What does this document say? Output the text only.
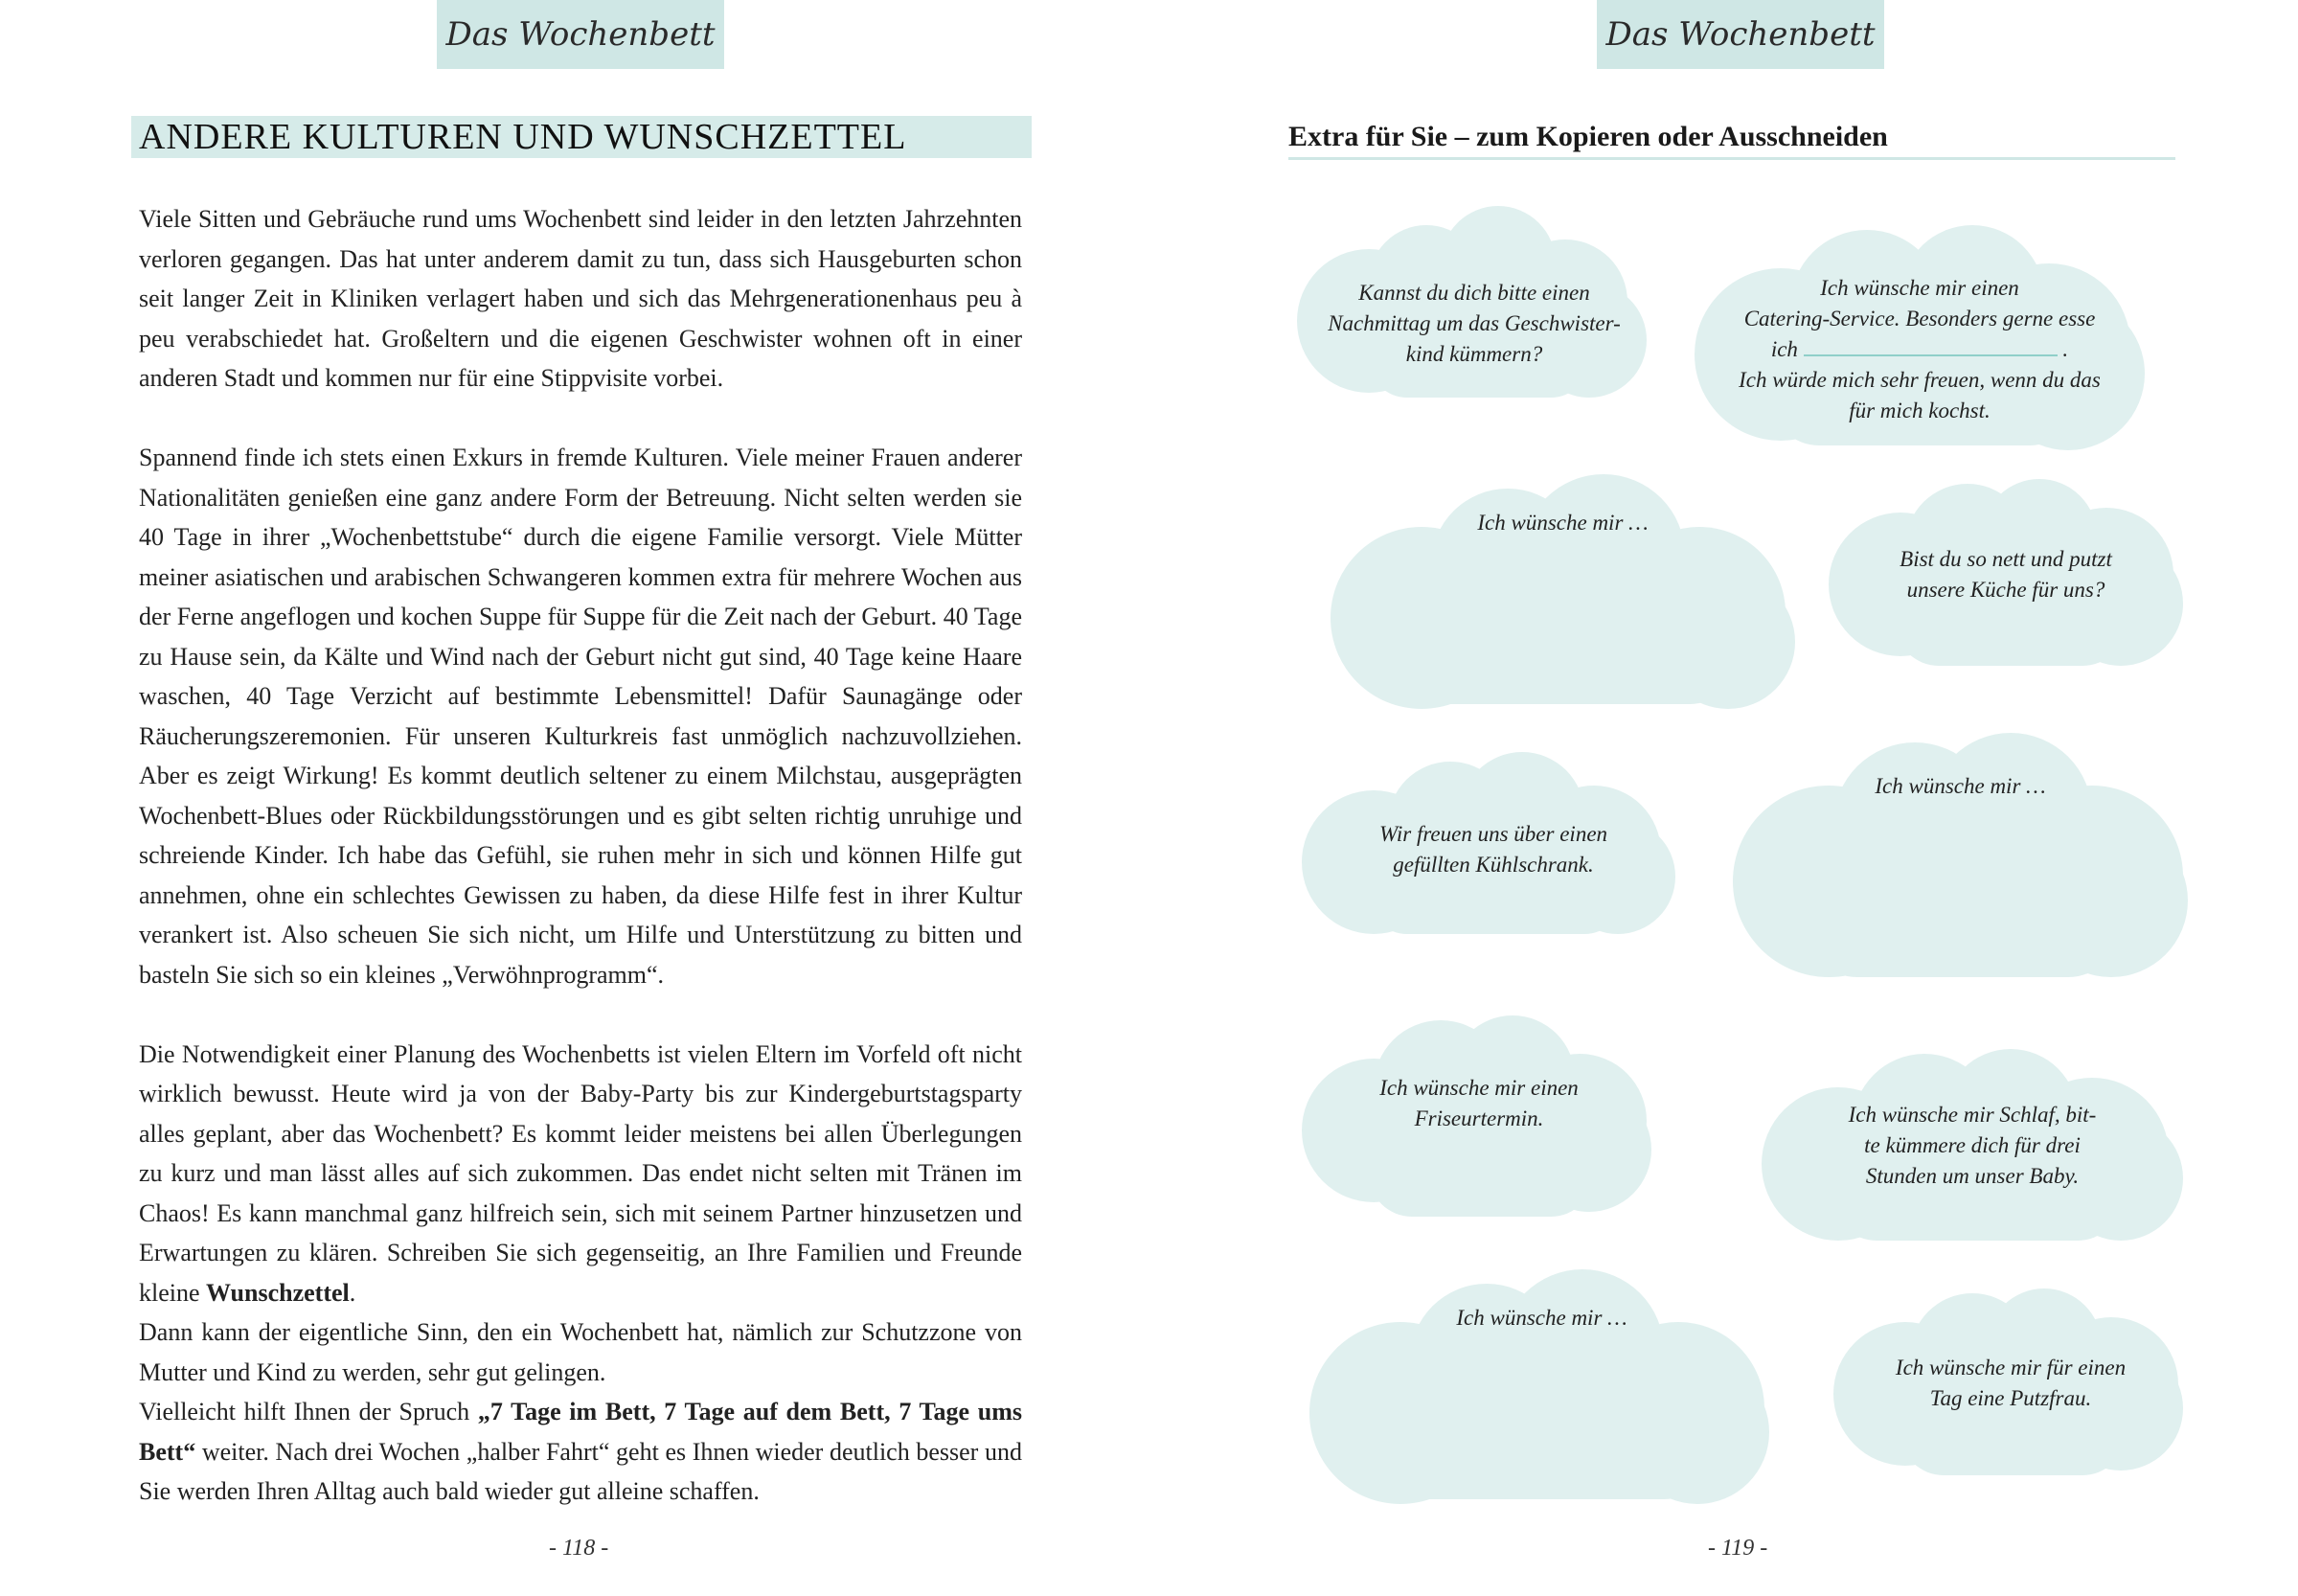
Das Wochenbett
ANDERE KULTUREN UND WUNSCHZETTEL

Viele Sitten und Gebräuche rund ums Wochenbett sind leider in den letzten Jahrzehnten verloren gegangen. Das hat unter anderem damit zu tun, dass sich Hausgeburten schon seit langer Zeit in Kliniken verlagert haben und sich das Mehrgenerationenhaus peu à peu verabschiedet hat. Großeltern und die eigenen Geschwister wohnen oft in einer anderen Stadt und kommen nur für eine Stippvisite vorbei.

Spannend finde ich stets einen Exkurs in fremde Kulturen. Viele meiner Frauen anderer Nationalitäten genießen eine ganz andere Form der Betreuung. Nicht selten werden sie 40 Tage in ihrer „Wochenbettstube“ durch die eigene Familie versorgt. Viele Mütter meiner asiatischen und arabischen Schwangeren kommen extra für mehrere Wochen aus der Ferne angeflogen und kochen Suppe für Suppe für die Zeit nach der Geburt. 40 Tage zu Hause sein, da Kälte und Wind nach der Geburt nicht gut sind, 40 Tage keine Haare waschen, 40 Tage Verzicht auf bestimmte Lebensmittel! Dafür Saunagänge oder Räucherungszeremonien. Für unseren Kulturkreis fast unmöglich nachzuvollziehen. Aber es zeigt Wirkung! Es kommt deutlich seltener zu einem Milchstau, ausgeprägten Wochenbett-Blues oder Rückbildungsstörungen und es gibt selten richtig unruhige und schreiende Kinder. Ich habe das Gefühl, sie ruhen mehr in sich und können Hilfe gut annehmen, ohne ein schlechtes Gewissen zu haben, da diese Hilfe fest in ihrer Kultur verankert ist. Also scheuen Sie sich nicht, um Hilfe und Unterstützung zu bitten und basteln Sie sich so ein kleines „Verwöhnprogramm“.

Die Notwendigkeit einer Planung des Wochenbetts ist vielen Eltern im Vorfeld oft nicht wirklich bewusst. Heute wird ja von der Baby-Party bis zur Kindergeburtstagsparty alles geplant, aber das Wochenbett? Es kommt leider meistens bei allen Überlegungen zu kurz und man lässt alles auf sich zukommen. Das endet nicht selten mit Tränen im Chaos! Es kann manchmal ganz hilfreich sein, sich mit seinem Partner hinzusetzen und Erwartungen zu klären. Schreiben Sie sich gegenseitig, an Ihre Familien und Freunde kleine Wunschzettel.

Dann kann der eigentliche Sinn, den ein Wochenbett hat, nämlich zur Schutzzone von Mutter und Kind zu werden, sehr gut gelingen.

Vielleicht hilft Ihnen der Spruch „7 Tage im Bett, 7 Tage auf dem Bett, 7 Tage ums Bett“ weiter. Nach drei Wochen „halber Fahrt“ geht es Ihnen wieder deutlich besser und Sie werden Ihren Alltag auch bald wieder gut alleine schaffen.

- 118 -
Das Wochenbett
Extra für Sie – zum Kopieren oder Ausschneiden
Kannst du dich bitte einen
Nachmittag um das Geschwister-
kind kümmern?
Ich wünsche mir einen
Catering-Service. Besonders gerne esse
ich	.
Ich würde mich sehr freuen, wenn du das
für mich kochst.
Ich wünsche mir …
Bist du so nett und putzt
unsere Küche für uns?
Wir freuen uns über einen
gefüllten Kühlschrank.
Ich wünsche mir …
Ich wünsche mir einen
Friseurtermin.	Ich wünsche mir Schlaf, bit-
te kümmere dich für drei
Stunden um unser Baby.
Ich wünsche mir …
Ich wünsche mir für einen
Tag eine Putzfrau.
- 119 -
